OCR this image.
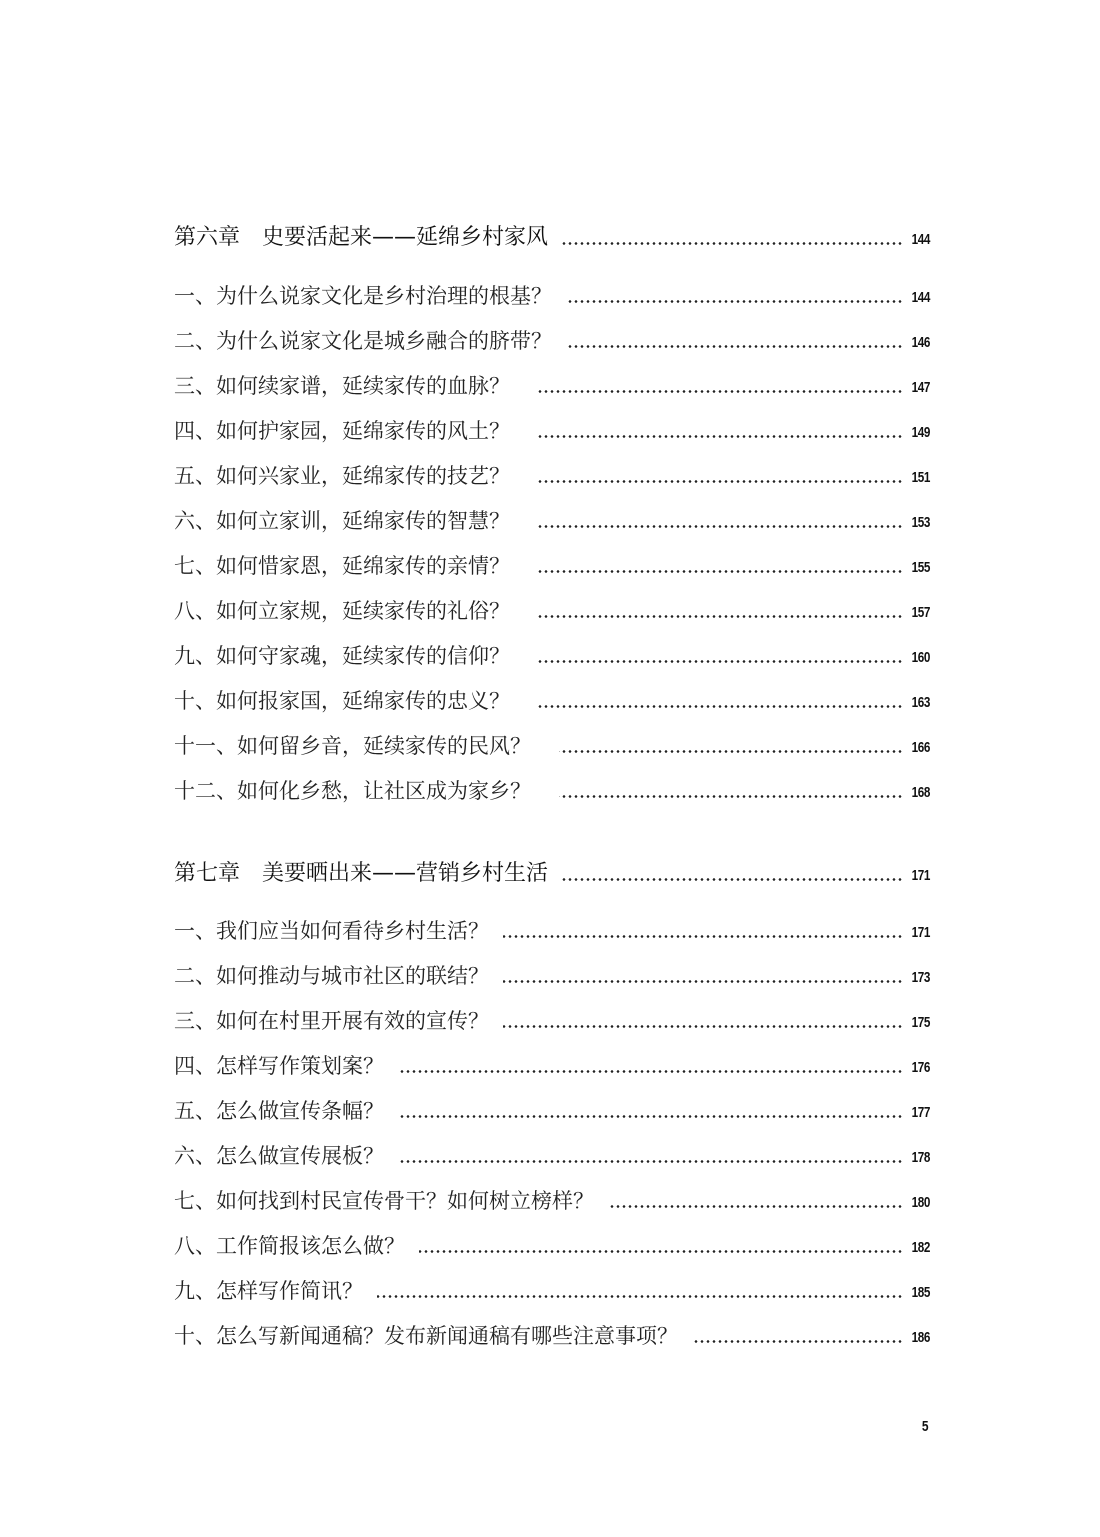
第六章　史要活起来——延绵乡村家风	144
一、为什么说家文化是乡村治理的根基？	144
二、为什么说家文化是城乡融合的脐带？	146
三、如何续家谱，延续家传的血脉？	147
四、如何护家园，延绵家传的风土？	149
五、如何兴家业，延绵家传的技艺？	151
六、如何立家训，延绵家传的智慧？	153
七、如何惜家恩，延绵家传的亲情？	155
八、如何立家规，延续家传的礼俗？	157
九、如何守家魂，延续家传的信仰？	160
十、如何报家国，延绵家传的忠义？	163
十一、如何留乡音，延续家传的民风？	166
十二、如何化乡愁，让社区成为家乡？	168
第七章　美要晒出来——营销乡村生活	171
一、我们应当如何看待乡村生活？	171
二、如何推动与城市社区的联结？	173
三、如何在村里开展有效的宣传？	175
四、怎样写作策划案？	176
五、怎么做宣传条幅？	177
六、怎么做宣传展板？	178
七、如何找到村民宣传骨干？如何树立榜样？	180
八、工作简报该怎么做？	182
九、怎样写作简讯？	185
十、怎么写新闻通稿？发布新闻通稿有哪些注意事项？	186
5
